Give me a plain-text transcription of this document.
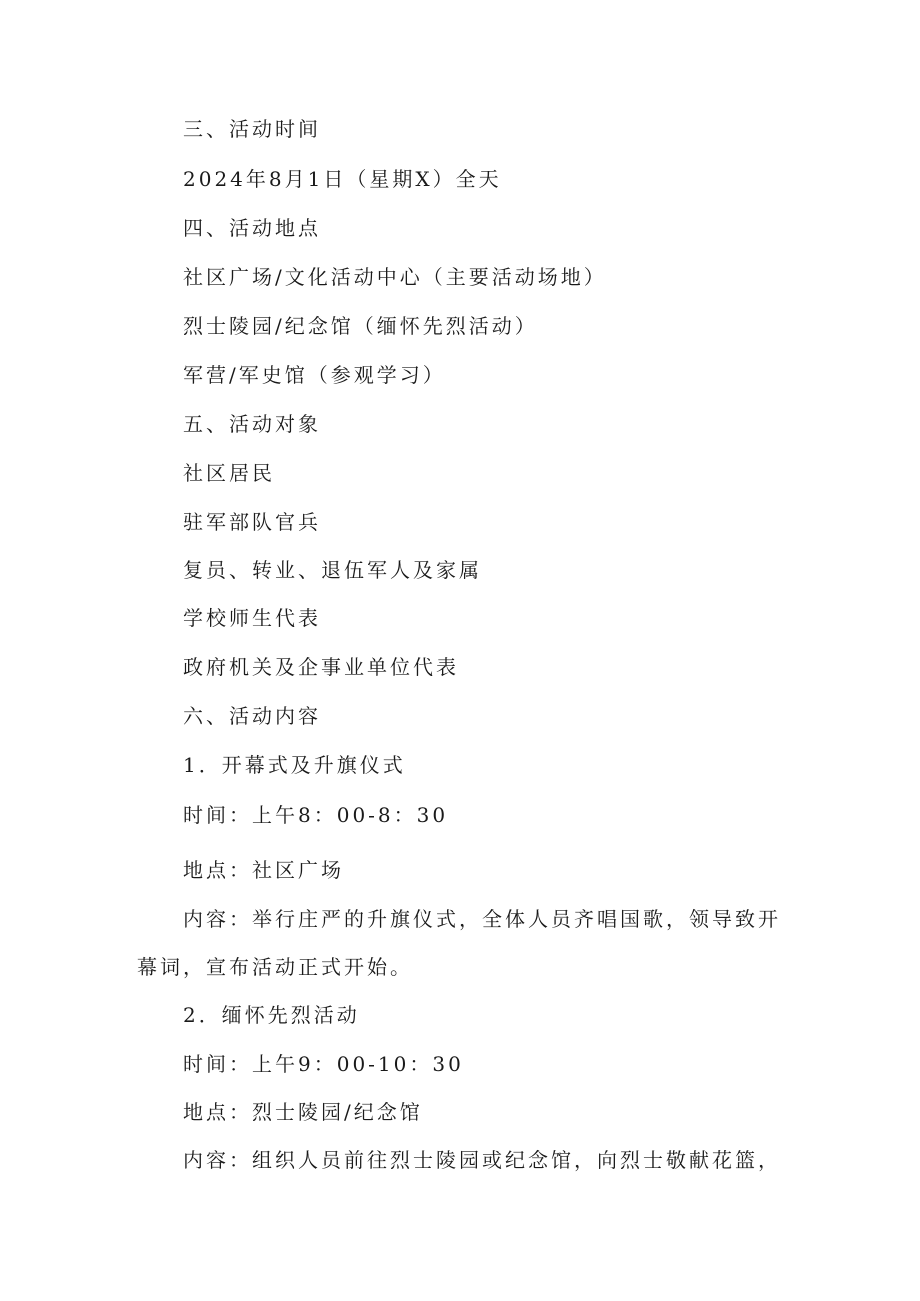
三、活动时间

2024年8月1日（星期X）全天

四、活动地点

社区广场/文化活动中心（主要活动场地）

烈士陵园/纪念馆（缅怀先烈活动）

军营/军史馆（参观学习）

五、活动对象

社区居民

驻军部队官兵

复员、转业、退伍军人及家属

学校师生代表

政府机关及企事业单位代表

六、活动内容

1．开幕式及升旗仪式

时间：上午8：00-8：30

地点：社区广场

内容：举行庄严的升旗仪式，全体人员齐唱国歌，领导致开

幕词，宣布活动正式开始。

2．缅怀先烈活动

时间：上午9：00-10：30

地点：烈士陵园/纪念馆

内容：组织人员前往烈士陵园或纪念馆，向烈士敬献花篮，
